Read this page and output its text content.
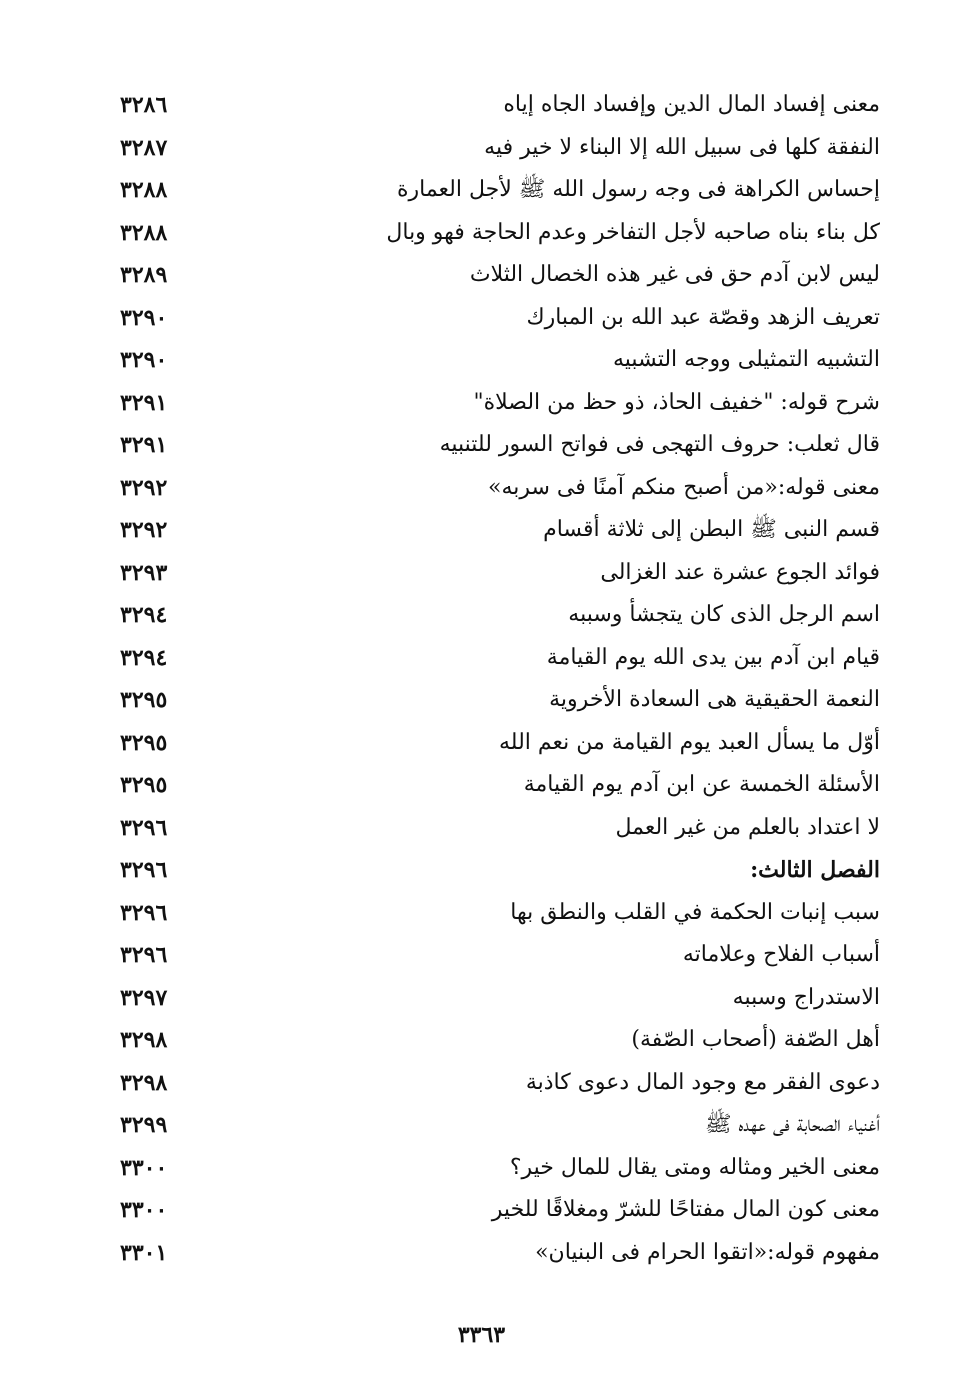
معنى إفساد المال الدين وإفساد الجاه إياه
٣٢٨٦
النفقة كلها فى سبيل الله إلا البناء لا خير فيه
٣٢٨٧
إحساس الكراهة فى وجه رسول الله ﷺ لأجل العمارة
٣٢٨٨
كل بناء بناه صاحبه لأجل التفاخر وعدم الحاجة فهو وبال
٣٢٨٨
ليس لابن آدم حق فى غير هذه الخصال الثلاث
٣٢٨٩
تعريف الزهد وقصّة عبد الله بن المبارك
٣٢٩٠
التشبيه التمثيلى ووجه التشبيه
٣٢٩٠
شرح قوله: "خفيف الحاذ، ذو حظ من الصلاة"
٣٢٩١
قال ثعلب: حروف التهجى فى فواتح السور للتنبيه
٣٢٩١
معنى قوله:«من أصبح منكم آمنًا فى سربه»
٣٢٩٢
قسم النبى ﷺ البطن إلى ثلاثة أقسام
٣٢٩٢
فوائد الجوع عشرة عند الغزالى
٣٢٩٣
اسم الرجل الذى كان يتجشأ وسببه
٣٢٩٤
قيام ابن آدم بين يدى الله يوم القيامة
٣٢٩٤
النعمة الحقيقية هى السعادة الأخروية
٣٢٩٥
أوّل ما يسأل العبد يوم القيامة من نعم الله
٣٢٩٥
الأسئلة الخمسة عن ابن آدم يوم القيامة
٣٢٩٥
لا اعتداد بالعلم من غير العمل
٣٢٩٦
الفصل الثالث:
٣٢٩٦
سبب إنبات الحكمة في القلب والنطق بها
٣٢٩٦
أسباب الفلاح وعلاماته
٣٢٩٦
الاستدراج وسببه
٣٢٩٧
أهل الصّفة (أصحاب الصّفة)
٣٢٩٨
دعوى الفقر مع وجود المال دعوى كاذبة
٣٢٩٨
أغنياء الصحابة فى عهده ﷺ
٣٢٩٩
معنى الخير ومثاله ومتى يقال للمال خير؟
٣٣٠٠
معنى كون المال مفتاحًا للشرّ ومغلاقًا للخير
٣٣٠٠
مفهوم قوله:«اتقوا الحرام فى البنيان»
٣٣٠١
٣٣٦٣
